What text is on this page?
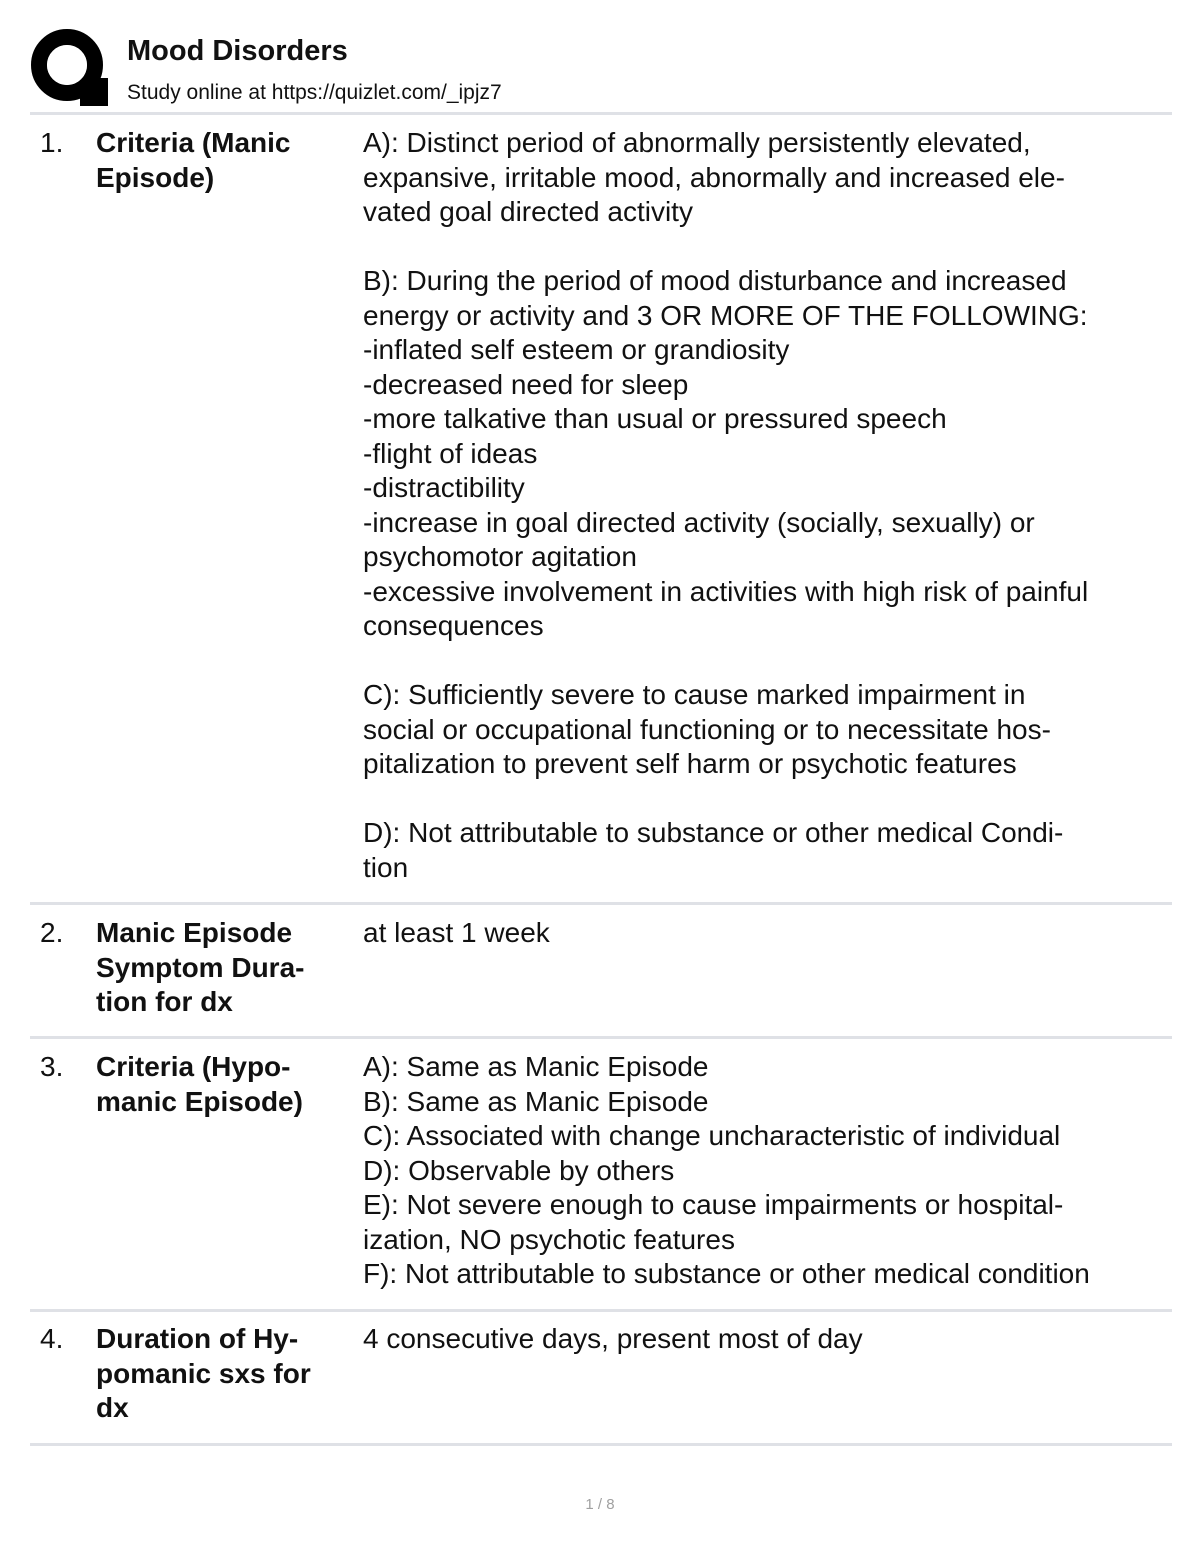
Mood Disorders
Study online at https://quizlet.com/_ipjz7
1. Criteria (Manic
Episode)
A): Distinct period of abnormally persistently elevated,
expansive, irritable mood, abnormally and increased ele-
vated goal directed activity
B): During the period of mood disturbance and increased
energy or activity and 3 OR MORE OF THE FOLLOWING:
-inflated self esteem or grandiosity
-decreased need for sleep
-more talkative than usual or pressured speech
-flight of ideas
-distractibility
-increase in goal directed activity (socially, sexually) or
psychomotor agitation
-excessive involvement in activities with high risk of painful
consequences
C): Sufficiently severe to cause marked impairment in
social or occupational functioning or to necessitate hos-
pitalization to prevent self harm or psychotic features
D): Not attributable to substance or other medical Condi-
tion
2. Manic Episode
Symptom Dura-
tion for dx
at least 1 week
3. Criteria (Hypo-
manic Episode)
A): Same as Manic Episode
B): Same as Manic Episode
C): Associated with change uncharacteristic of individual
D): Observable by others
E): Not severe enough to cause impairments or hospital-
ization, NO psychotic features
F): Not attributable to substance or other medical condition
4. Duration of Hy-
pomanic sxs for
dx
4 consecutive days, present most of day
1 / 8
